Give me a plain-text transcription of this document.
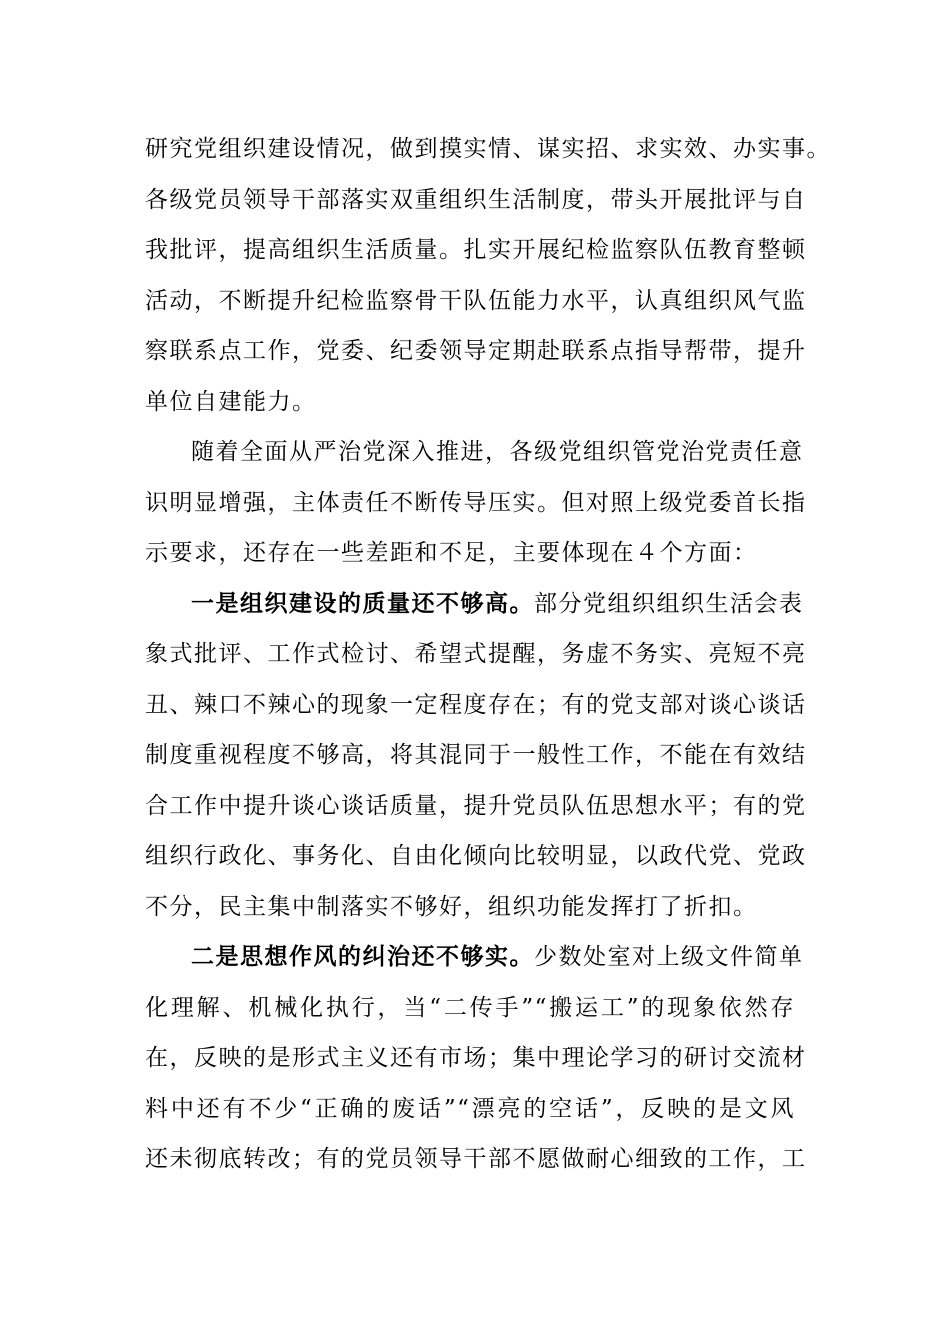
研究党组织建设情况，做到摸实情、谋实招、求实效、办实事。
各级党员领导干部落实双重组织生活制度，带头开展批评与自
我批评，提高组织生活质量。扎实开展纪检监察队伍教育整顿
活动，不断提升纪检监察骨干队伍能力水平，认真组织风气监
察联系点工作，党委、纪委领导定期赴联系点指导帮带，提升
单位自建能力。
随着全面从严治党深入推进，各级党组织管党治党责任意
识明显增强，主体责任不断传导压实。但对照上级党委首长指
示要求，还存在一些差距和不足，主要体现在４个方面：
一是组织建设的质量还不够高。部分党组织组织生活会表
象式批评、工作式检讨、希望式提醒，务虚不务实、亮短不亮
丑、辣口不辣心的现象一定程度存在；有的党支部对谈心谈话
制度重视程度不够高，将其混同于一般性工作，不能在有效结
合工作中提升谈心谈话质量，提升党员队伍思想水平；有的党
组织行政化、事务化、自由化倾向比较明显，以政代党、党政
不分，民主集中制落实不够好，组织功能发挥打了折扣。
二是思想作风的纠治还不够实。少数处室对上级文件简单
化理解、机械化执行，当“二传手”“搬运工”的现象依然存
在，反映的是形式主义还有市场；集中理论学习的研讨交流材
料中还有不少“正确的废话”“漂亮的空话”，反映的是文风
还未彻底转改；有的党员领导干部不愿做耐心细致的工作，工
